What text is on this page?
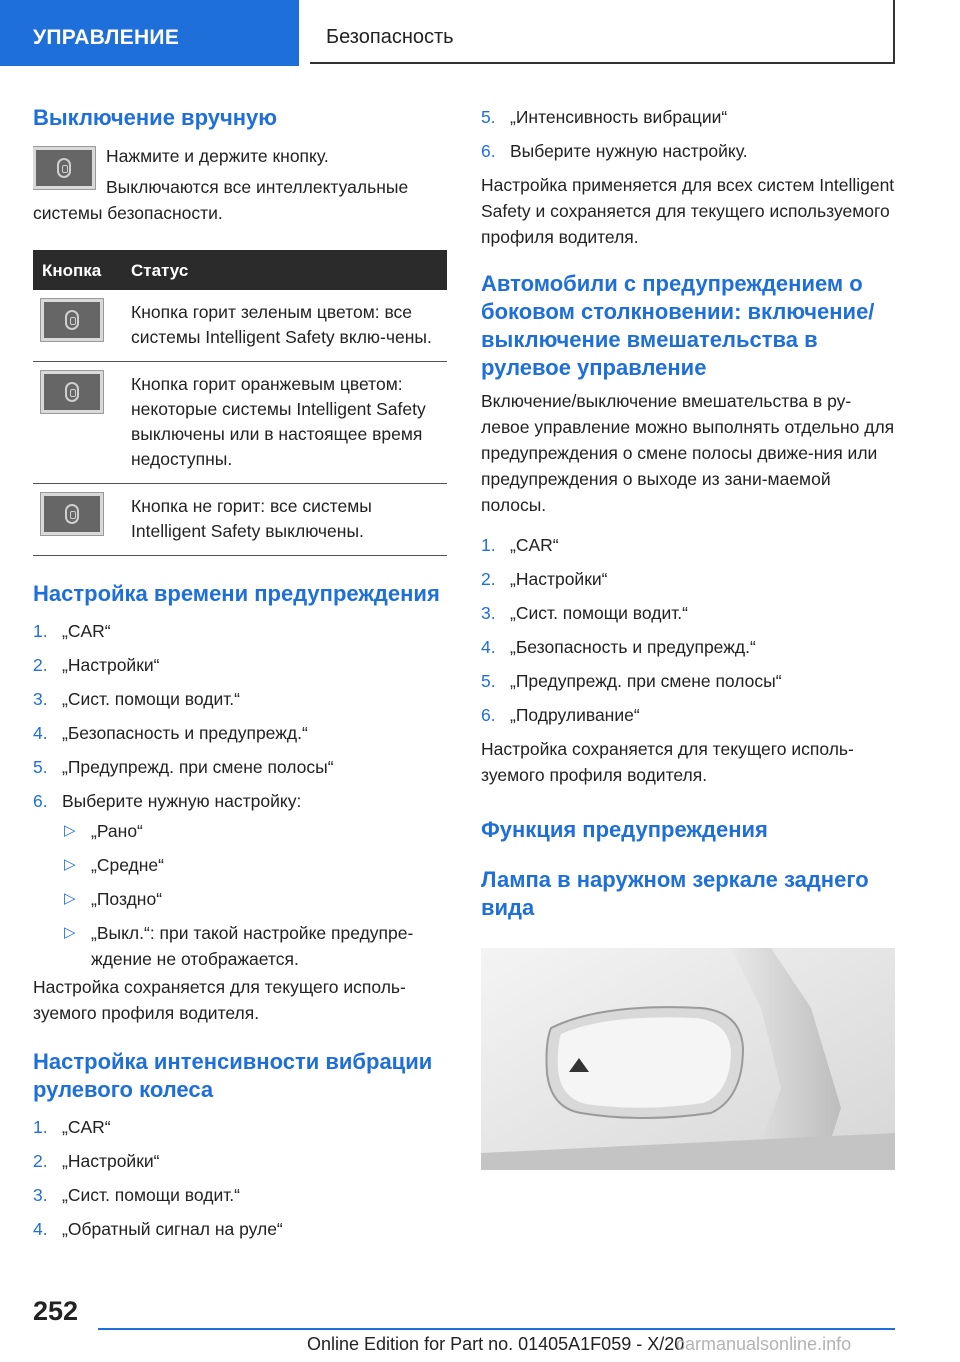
УПРАВЛЕНИЕ	Безопасность
Выключение вручную

Нажмите и держите кнопку.

Выключаются все интеллектуальные системы безопасности.

Кнопка	Статус

	Кнопка горит зеленым цветом: все системы Intelligent Safety вклю-чены.

	Кнопка горит оранжевым цветом: некоторые системы Intelligent Safety выключены или в настоящее время недоступны.

	Кнопка не горит: все системы Intelligent Safety выключены.
Настройка времени предупреждения
1. „CAR“
2. „Настройки“
3. „Сист. помощи водит.“
4. „Безопасность и предупрежд.“
5. „Предупрежд. при смене полосы“
6. Выберите нужную настройку:
▷ „Рано“
▷ „Средне“
▷ „Поздно“
▷ „Выкл.“: при такой настройке предупре-ждение не отображается.

Настройка сохраняется для текущего исполь-зуемого профиля водителя.

Настройка интенсивности вибрации рулевого колеса
1. „CAR“
2. „Настройки“
3. „Сист. помощи водит.“
4. „Обратный сигнал на руле“
5. „Интенсивность вибрации“
6. Выберите нужную настройку.

Настройка применяется для всех систем Intelligent Safety и сохраняется для текущего используемого профиля водителя.

Автомобили с предупреждением о боковом столкновении: включение/выключение вмешательства в рулевое управление

Включение/выключение вмешательства в ру-левое управление можно выполнять отдельно для предупреждения о смене полосы движе-ния или предупреждения о выходе из зани-маемой полосы.

1. „CAR“
2. „Настройки“
3. „Сист. помощи водит.“
4. „Безопасность и предупрежд.“
5. „Предупрежд. при смене полосы“
6. „Подруливание“

Настройка сохраняется для текущего исполь-зуемого профиля водителя.

Функция предупреждения
Лампа в наружном зеркале заднего вида
252
Online Edition for Part no. 01405A1F059 - X/20
carmanualsonline.info
